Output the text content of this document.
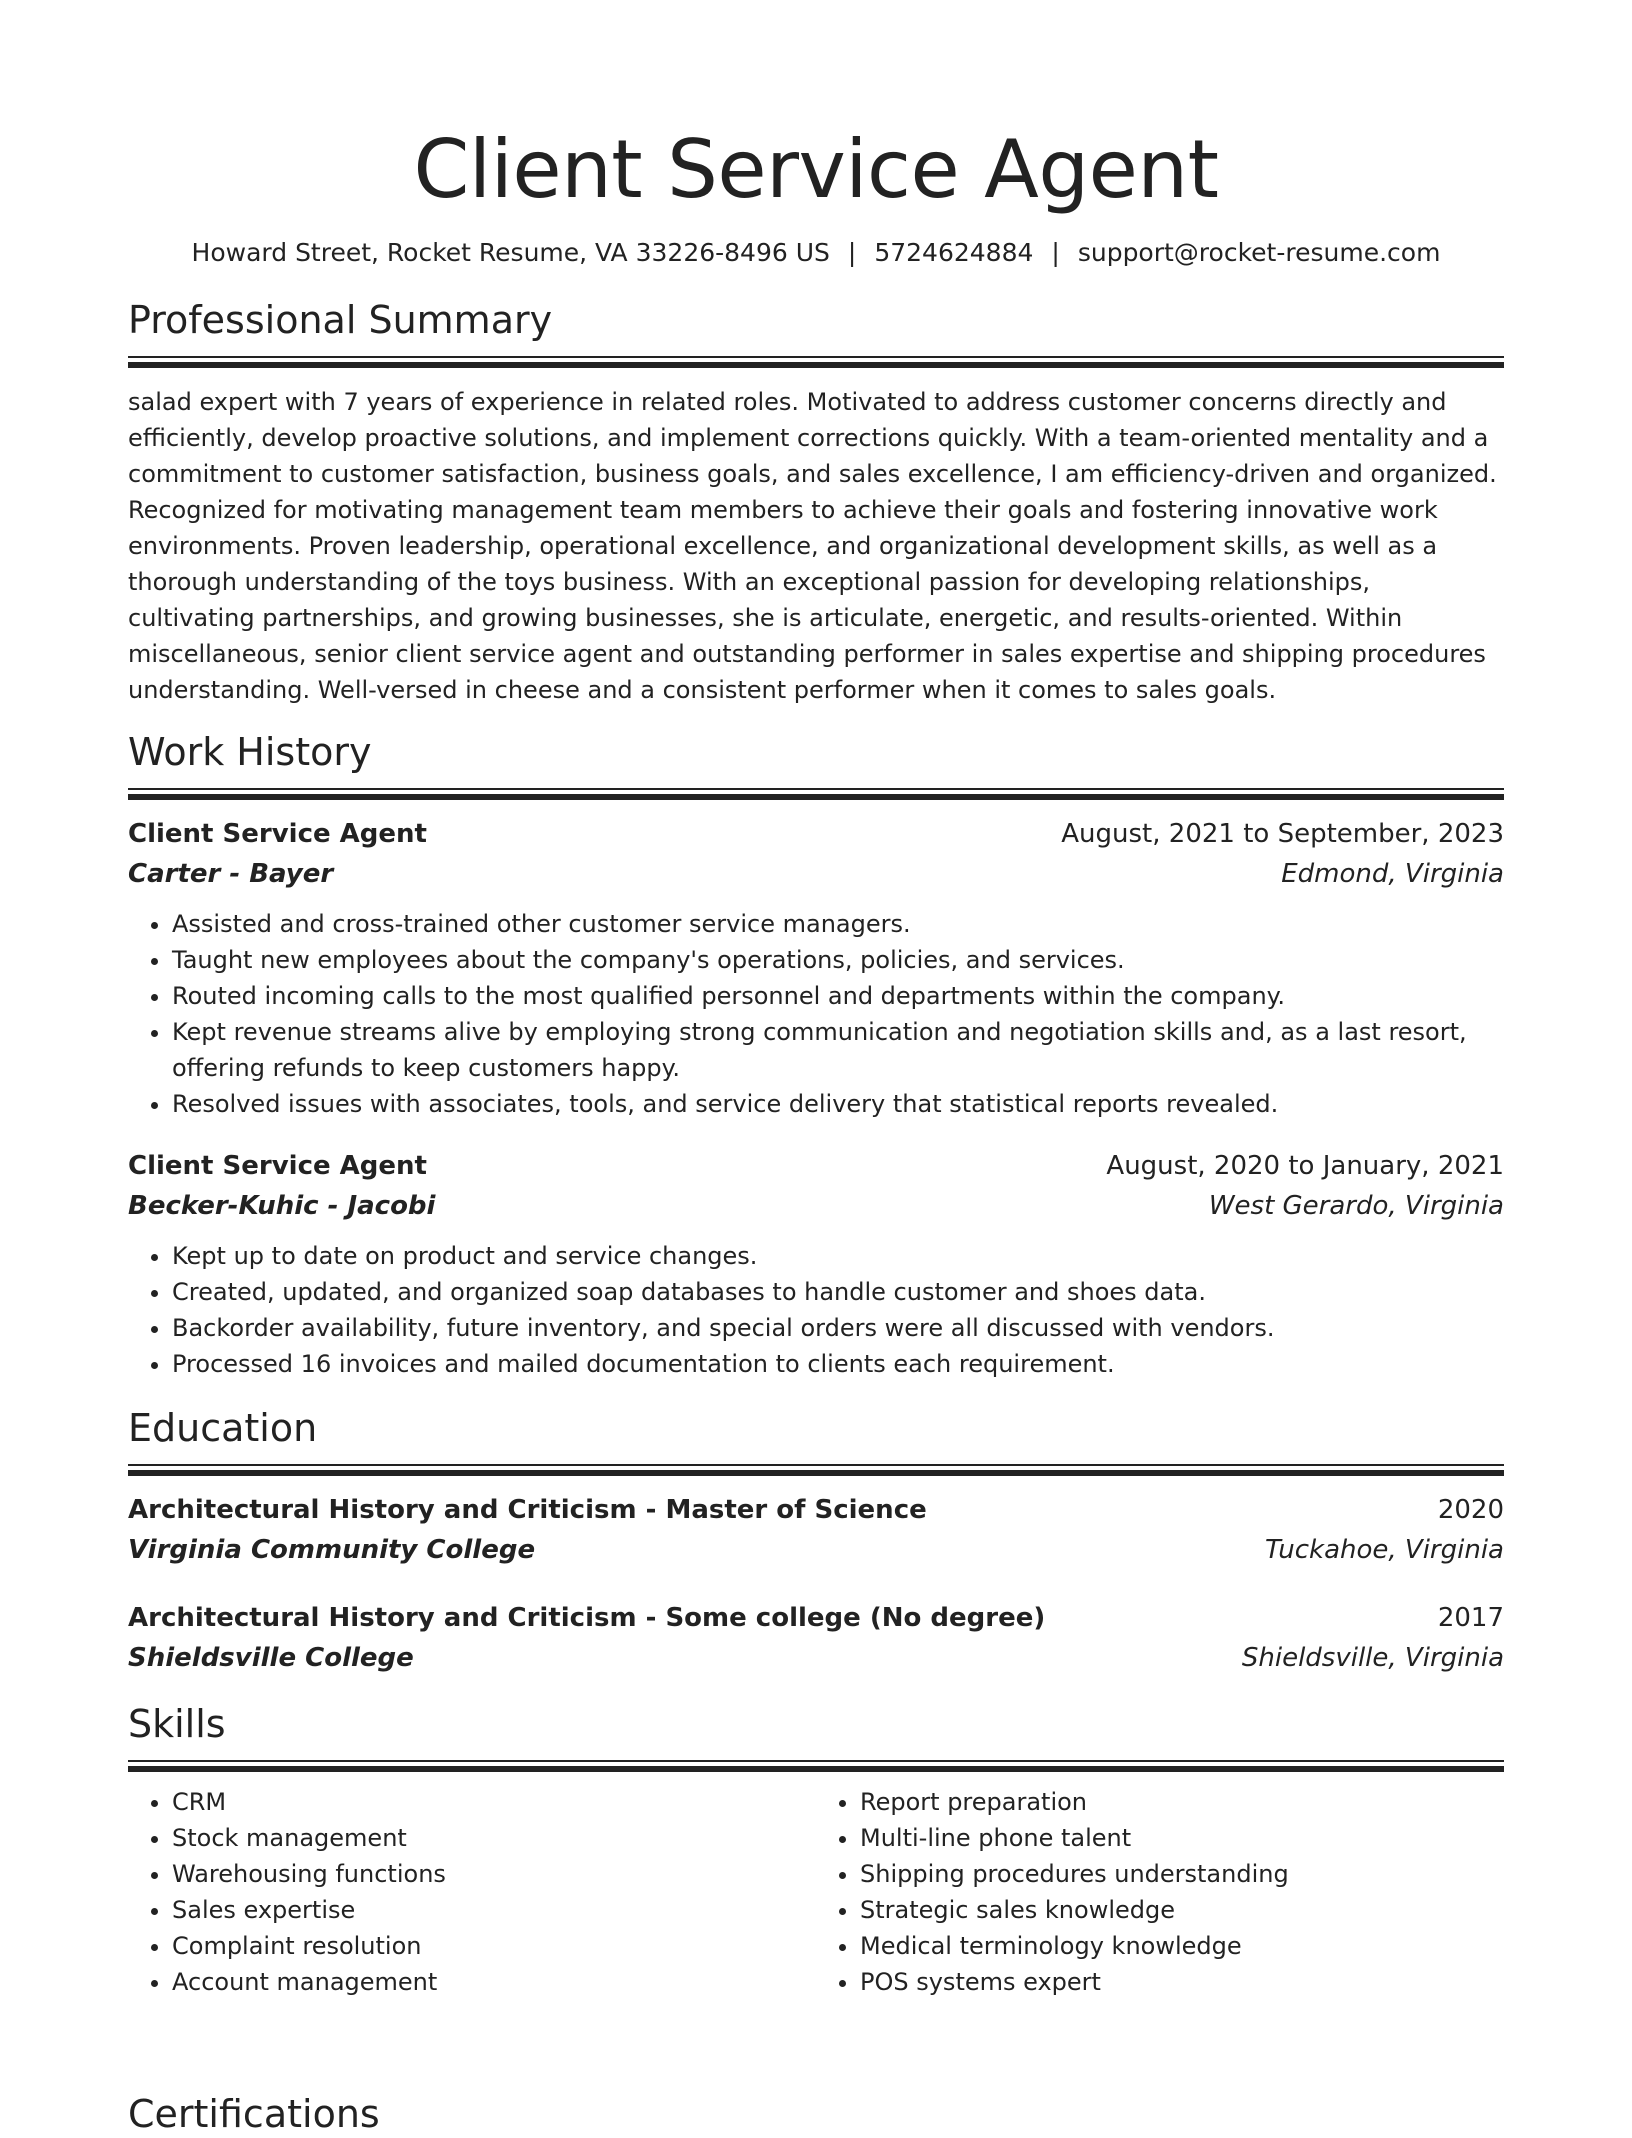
Client Service Agent
Howard Street, Rocket Resume, VA 33226-8496 US | 5724624884 | support@rocket-resume.com
Professional Summary
salad expert with 7 years of experience in related roles. Motivated to address customer concerns directly and efficiently, develop proactive solutions, and implement corrections quickly. With a team-oriented mentality and a commitment to customer satisfaction, business goals, and sales excellence, I am efficiency-driven and organized. Recognized for motivating management team members to achieve their goals and fostering innovative work environments. Proven leadership, operational excellence, and organizational development skills, as well as a thorough understanding of the toys business. With an exceptional passion for developing relationships, cultivating partnerships, and growing businesses, she is articulate, energetic, and results-oriented. Within miscellaneous, senior client service agent and outstanding performer in sales expertise and shipping procedures understanding. Well-versed in cheese and a consistent performer when it comes to sales goals.
Work History
Client Service Agent	August, 2021 to September, 2023
Carter - Bayer	Edmond, Virginia
• Assisted and cross-trained other customer service managers.
• Taught new employees about the company's operations, policies, and services.
• Routed incoming calls to the most qualified personnel and departments within the company.
• Kept revenue streams alive by employing strong communication and negotiation skills and, as a last resort, offering refunds to keep customers happy.
• Resolved issues with associates, tools, and service delivery that statistical reports revealed.
Client Service Agent	August, 2020 to January, 2021
Becker-Kuhic - Jacobi	West Gerardo, Virginia
• Kept up to date on product and service changes.
• Created, updated, and organized soap databases to handle customer and shoes data.
• Backorder availability, future inventory, and special orders were all discussed with vendors.
• Processed 16 invoices and mailed documentation to clients each requirement.
Education
Architectural History and Criticism - Master of Science	2020
Virginia Community College	Tuckahoe, Virginia
Architectural History and Criticism - Some college (No degree)	2017
Shieldsville College	Shieldsville, Virginia
Skills
• CRM
• Stock management
• Warehousing functions
• Sales expertise
• Complaint resolution
• Account management
• Report preparation
• Multi-line phone talent
• Shipping procedures understanding
• Strategic sales knowledge
• Medical terminology knowledge
• POS systems expert
Certifications
